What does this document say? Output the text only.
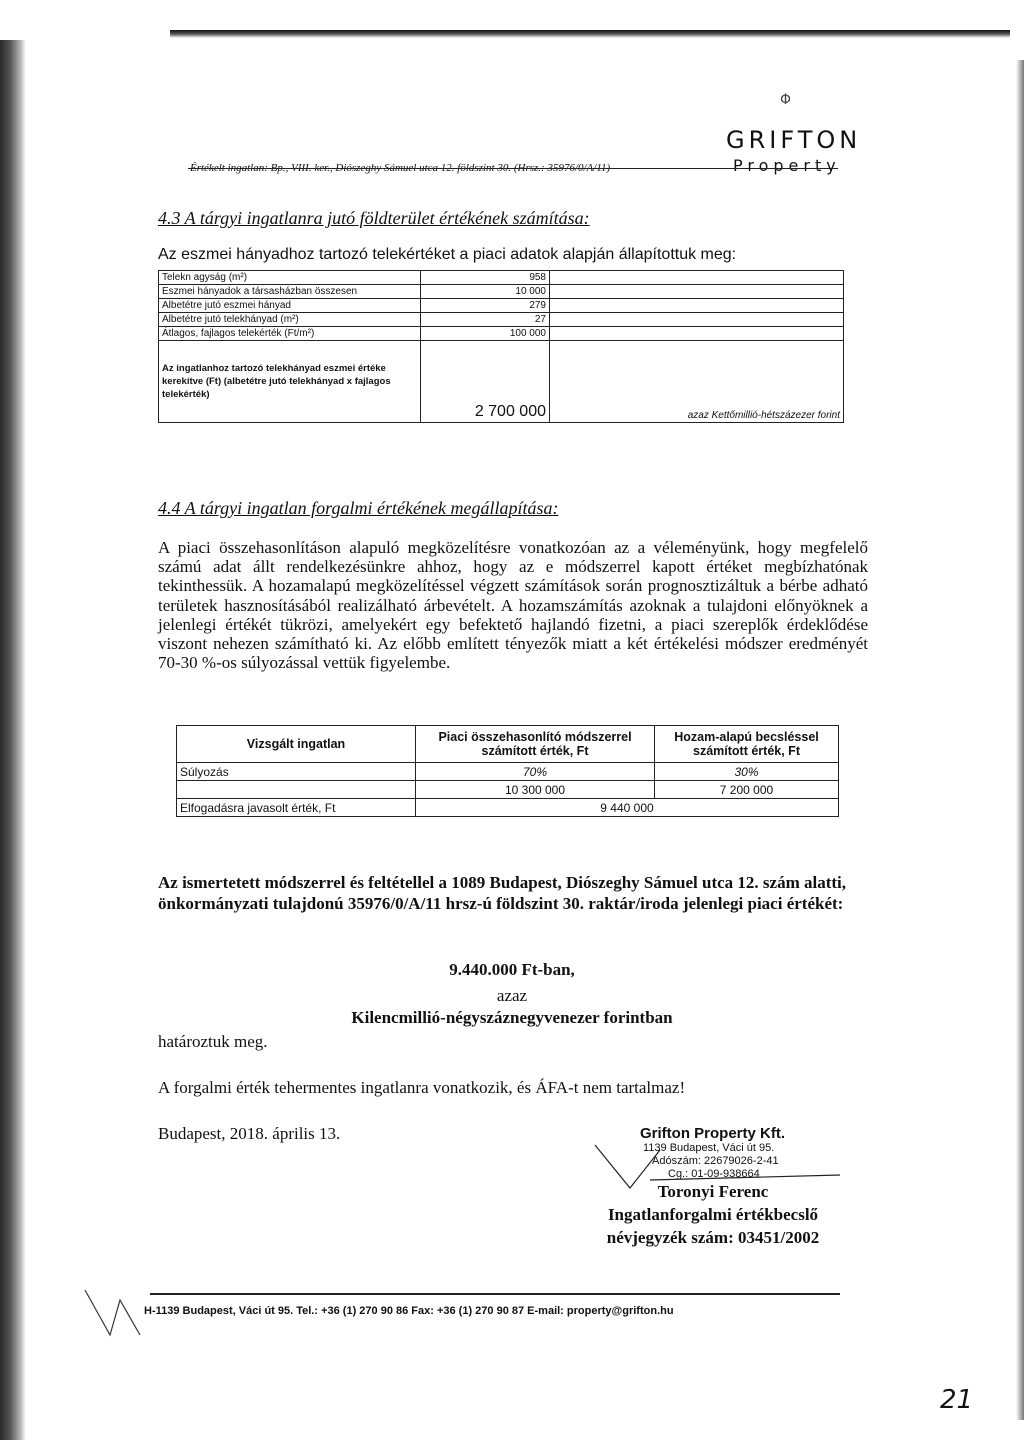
Φ
GRIFTON
Property
Értékelt ingatlan: Bp., VIII. ker., Diószeghy Sámuel utca 12. földszint 30. (Hrsz.: 35976/0/A/11)
4.3 A tárgyi ingatlanra jutó földterület értékének számítása:
Az eszmei hányadhoz tartozó telekértéket a piaci adatok alapján állapítottuk meg:
Telekn agyság (m²)	958	
Eszmei hányadok a társasházban összesen	10 000	
Albetétre jutó eszmei hányad	279	
Albetétre jutó telekhányad (m²)	27	
Átlagos, fajlagos telekérték (Ft/m²)	100 000	
Az ingatlanhoz tartozó telekhányad eszmei értéke kerekítve (Ft) (albetétre jutó telekhányad x fajlagos telekérték)	2 700 000	azaz Kettőmillió-hétszázezer forint
4.4 A tárgyi ingatlan forgalmi értékének megállapítása:
A piaci összehasonlításon alapuló megközelítésre vonatkozóan az a véleményünk, hogy megfelelő számú adat állt rendelkezésünkre ahhoz, hogy az e módszerrel kapott értéket megbízhatónak tekinthessük. A hozamalapú megközelítéssel végzett számítások során prognosztizáltuk a bérbe adható területek hasznosításából realizálható árbevételt. A hozamszámítás azoknak a tulajdoni előnyöknek a jelenlegi értékét tükrözi, amelyekért egy befektető hajlandó fizetni, a piaci szereplők érdeklődése viszont nehezen számítható ki. Az előbb említett tényezők miatt a két értékelési módszer eredményét 70-30 %-os súlyozással vettük figyelembe.
Vizsgált ingatlan	Piaci összehasonlító módszerrel számított érték, Ft	Hozam-alapú becsléssel számított érték, Ft
Súlyozás	70%	30%
	10 300 000	7 200 000
Elfogadásra javasolt érték, Ft	9 440 000	
Az ismertetett módszerrel és feltétellel a 1089 Budapest, Diószeghy Sámuel utca 12. szám alatti, önkormányzati tulajdonú 35976/0/A/11 hrsz-ú földszint 30. raktár/iroda jelenlegi piaci értékét:
9.440.000 Ft-ban,
azaz
Kilencmillió-négyszáznegyvenezer forintban
határoztuk meg.
A forgalmi érték tehermentes ingatlanra vonatkozik, és ÁFA-t nem tartalmaz!
Budapest, 2018. április 13.	Grifton Property Kft.
1139 Budapest, Váci út 95.
Adószám: 22679026-2-41
Cg.: 01-09-938664
Toronyi Ferenc
Ingatlanforgalmi értékbecslő
névjegyzék szám: 03451/2002
H-1139 Budapest, Váci út 95. Tel.: +36 (1) 270 90 86 Fax: +36 (1) 270 90 87 E-mail: property@grifton.hu
21
